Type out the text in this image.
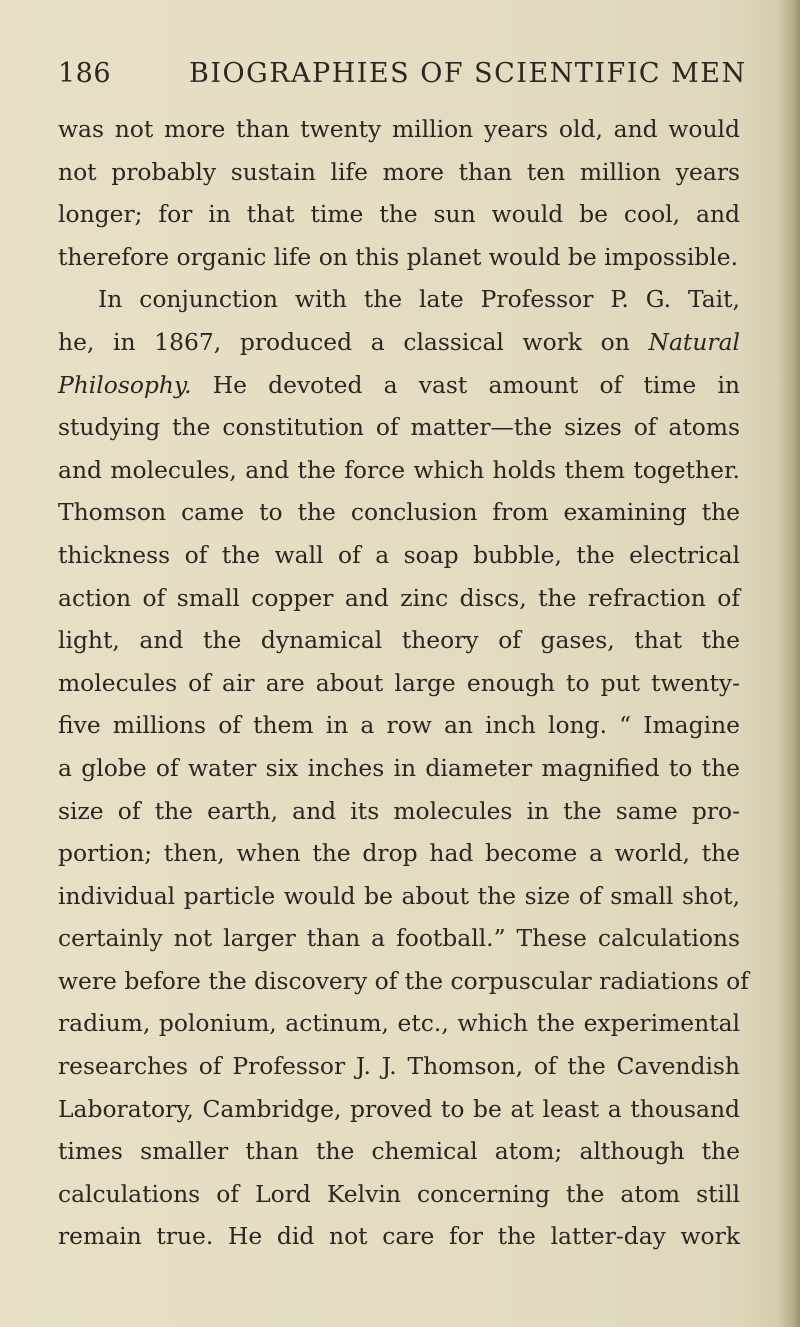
186	BIOGRAPHIES OF SCIENTIFIC MEN
was not more than twenty million years old, and would
not probably sustain life more than ten million years
longer; for in that time the sun would be cool, and
therefore organic life on this planet would be impossible.
In conjunction with the late Professor P. G. Tait,
he, in 1867, produced a classical work on Natural
Philosophy. He devoted a vast amount of time in
studying the constitution of matter—the sizes of atoms
and molecules, and the force which holds them together.
Thomson came to the conclusion from examining the
thickness of the wall of a soap bubble, the electrical
action of small copper and zinc discs, the refraction of
light, and the dynamical theory of gases, that the
molecules of air are about large enough to put twenty-
five millions of them in a row an inch long. “ Imagine
a globe of water six inches in diameter magnified to the
size of the earth, and its molecules in the same pro-
portion; then, when the drop had become a world, the
individual particle would be about the size of small shot,
certainly not larger than a football.” These calculations
were before the discovery of the corpuscular radiations of
radium, polonium, actinum, etc., which the experimental
researches of Professor J. J. Thomson, of the Cavendish
Laboratory, Cambridge, proved to be at least a thousand
times smaller than the chemical atom; although the
calculations of Lord Kelvin concerning the atom still
remain true. He did not care for the latter-day work
